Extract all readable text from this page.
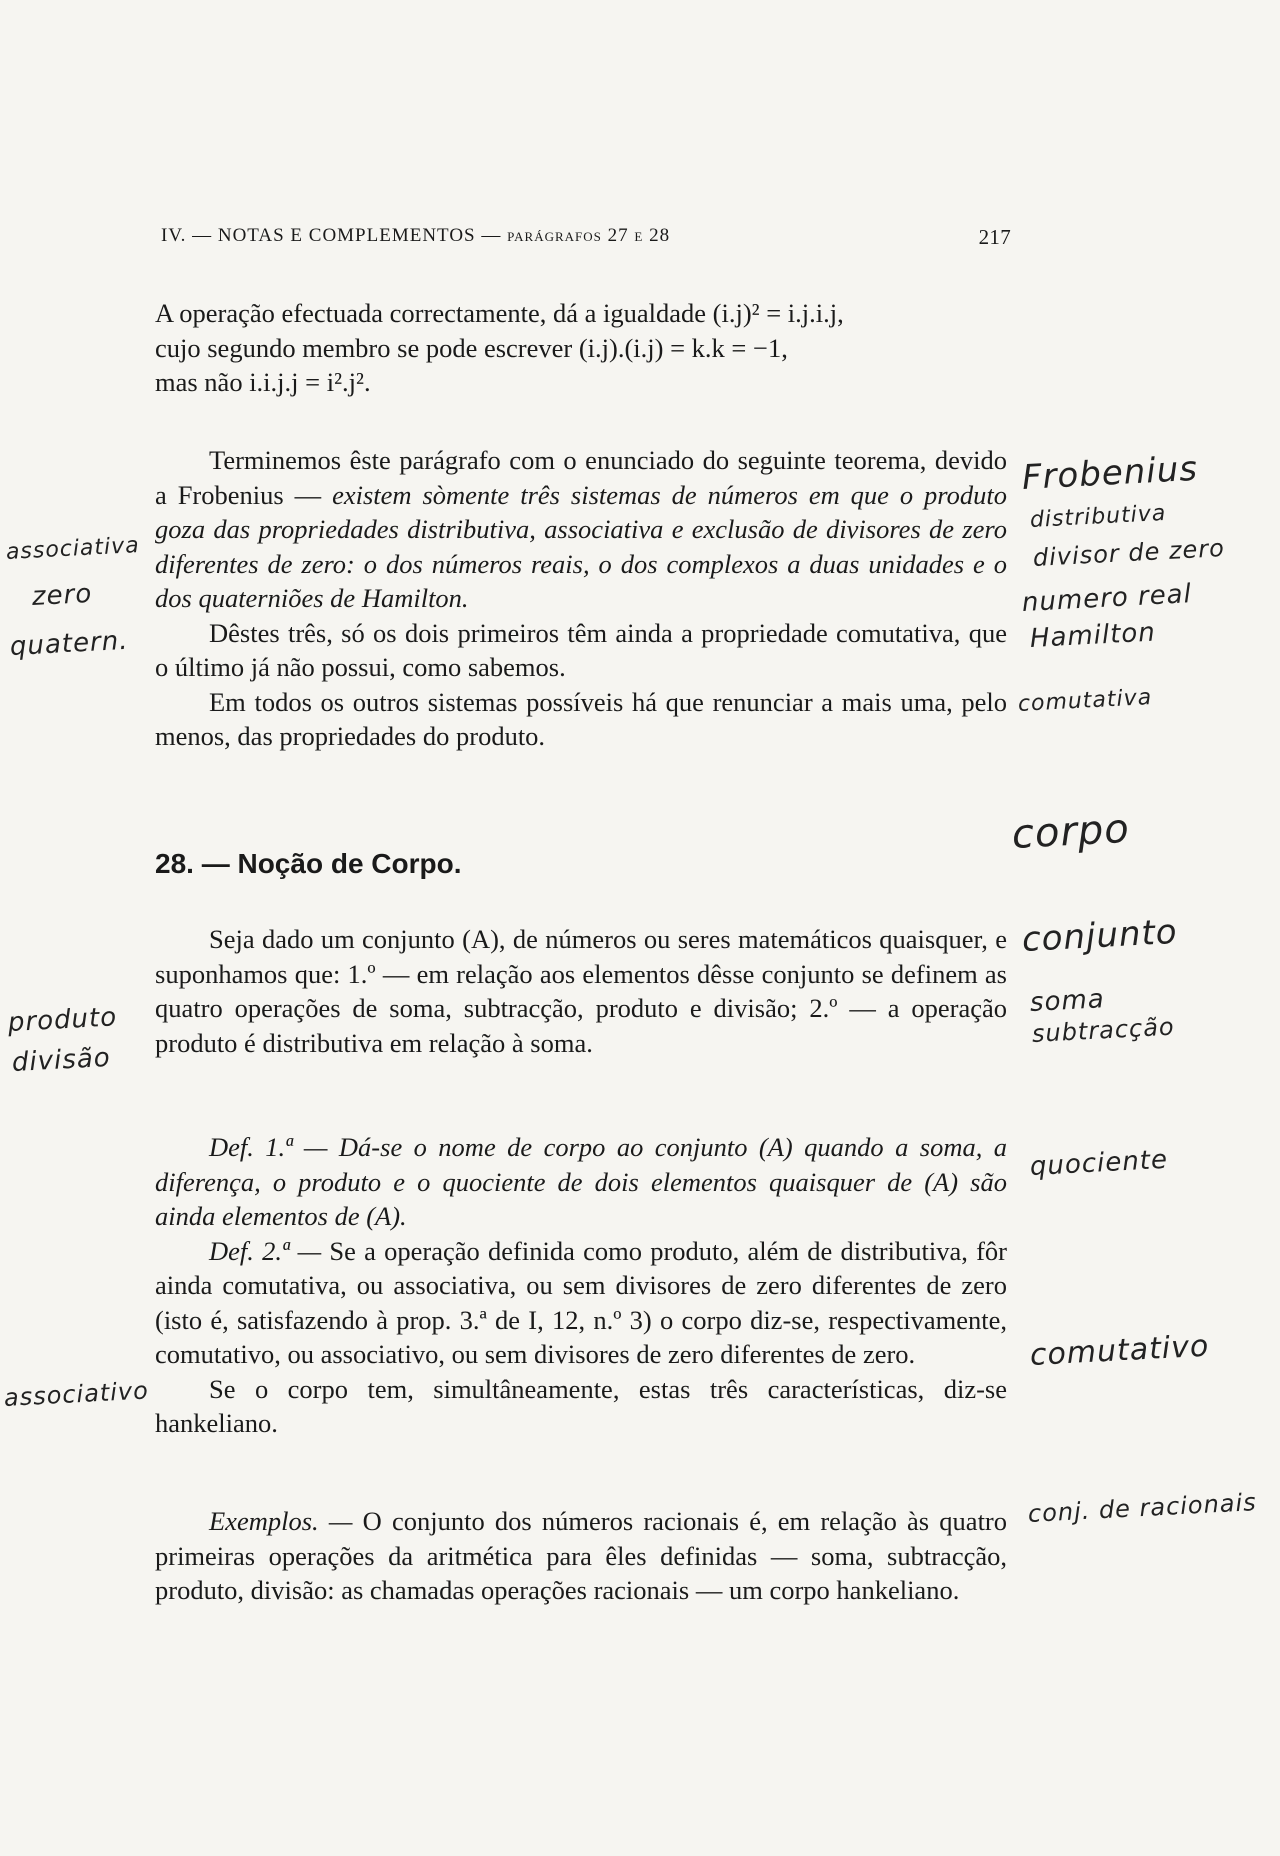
IV. — NOTAS E COMPLEMENTOS — parágrafos 27 e 28	217

A operação efectuada correctamente, dá a igualdade (i.j)² = i.j.i.j,

cujo segundo membro se pode escrever (i.j).(i.j) = k.k = −1,

mas não i.i.j.j = i².j².

Terminemos êste parágrafo com o enunciado do seguinte teorema, devido a Frobenius — existem sòmente três sistemas de números em que o produto goza das propriedades distributiva, associativa e exclusão de divisores de zero diferentes de zero: o dos números reais, o dos complexos a duas unidades e o dos quaterniões de Hamilton.

Dêstes três, só os dois primeiros têm ainda a propriedade comutativa, que o último já não possui, como sabemos.

Em todos os outros sistemas possíveis há que renunciar a mais uma, pelo menos, das propriedades do produto.

28. — Noção de Corpo.

Seja dado um conjunto (A), de números ou seres matemáticos quaisquer, e suponhamos que: 1.º — em relação aos elementos dêsse conjunto se definem as quatro operações de soma, subtracção, produto e divisão; 2.º — a operação produto é distributiva em relação à soma.

Def. 1.ª — Dá-se o nome de corpo ao conjunto (A) quando a soma, a diferença, o produto e o quociente de dois elementos quaisquer de (A) são ainda elementos de (A).

Def. 2.ª — Se a operação definida como produto, além de distributiva, fôr ainda comutativa, ou associativa, ou sem divisores de zero diferentes de zero (isto é, satisfazendo à prop. 3.ª de I, 12, n.º 3) o corpo diz-se, respectivamente, comutativo, ou associativo, ou sem divisores de zero diferentes de zero.

Se o corpo tem, simultâneamente, estas três características, diz-se hankeliano.

Exemplos. — O conjunto dos números racionais é, em relação às quatro primeiras operações da aritmética para êles definidas — soma, subtracção, produto, divisão: as chamadas operações racionais — um corpo hankeliano.

Frobenius
distributiva
divisor de zero
numero real
Hamilton
comutativa
corpo
conjunto
soma
subtracção
quociente
comutativo
conj. de racionais
associativa
zero
quatern.
produto
divisão
associativo
